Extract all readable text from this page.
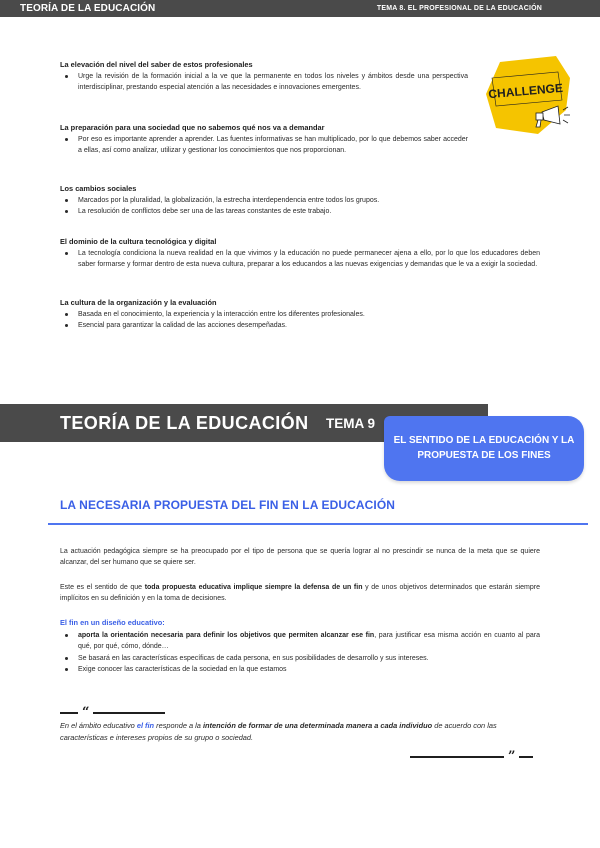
TEORÍA DE LA EDUCACIÓN	TEMA 8. EL PROFESIONAL DE LA EDUCACIÓN
CHALLENGE
La elevación del nivel del saber de estos profesionales
Urge la revisión de la formación inicial a la ve que la permanente en todos los niveles y ámbitos desde una perspectiva interdisciplinar, prestando especial atención a las necesidades e innovaciones emergentes.
La preparación para una sociedad que no sabemos qué nos va a demandar
Por eso es importante aprender a aprender. Las fuentes informativas se han multiplicado, por lo que debemos saber acceder a ellas, así como analizar, utilizar y gestionar los conocimientos que nos proporcionan.
Los cambios sociales
Marcados por la pluralidad, la globalización, la estrecha interdependencia entre todos los grupos.
La resolución de conflictos debe ser una de las tareas constantes de este trabajo.
El dominio de la cultura tecnológica y digital
La tecnología condiciona la nueva realidad en la que vivimos y la educación no puede permanecer ajena a ello, por lo que los educadores deben saber formarse y formar dentro de esta nueva cultura, preparar a los educandos a las nuevas exigencias y demandas que le va a exigir la sociedad.
La cultura de la organización y la evaluación
Basada en el conocimiento, la experiencia y la interacción entre los diferentes profesionales.
Esencial para garantizar la calidad de las acciones desempeñadas.
TEORÍA DE LA EDUCACIÓN TEMA 9
EL SENTIDO DE LA EDUCACIÓN Y LA
PROPUESTA DE LOS FINES
LA NECESARIA PROPUESTA DEL FIN EN LA EDUCACIÓN

La actuación pedagógica siempre se ha preocupado por el tipo de persona que se quería lograr al no prescindir se nunca de la meta que se quiere alcanzar, del ser humano que se quiere ser.

Este es el sentido de que toda propuesta educativa implique siempre la defensa de un fin y de unos objetivos determinados que estarán siempre implícitos en su definición y en la toma de decisiones.

El fin en un diseño educativo:
aporta la orientación necesaria para definir los objetivos que permiten alcanzar ese fin, para justificar esa misma acción en cuanto al para qué, por qué, cómo, dónde…
Se basará en las características específicas de cada persona, en sus posibilidades de desarrollo y sus intereses.
Exige conocer las características de la sociedad en la que estamos
“

En el ámbito educativo el fin responde a la intención de formar de una determinada manera a cada individuo de acuerdo con las características e intereses propios de su grupo o sociedad.

”
